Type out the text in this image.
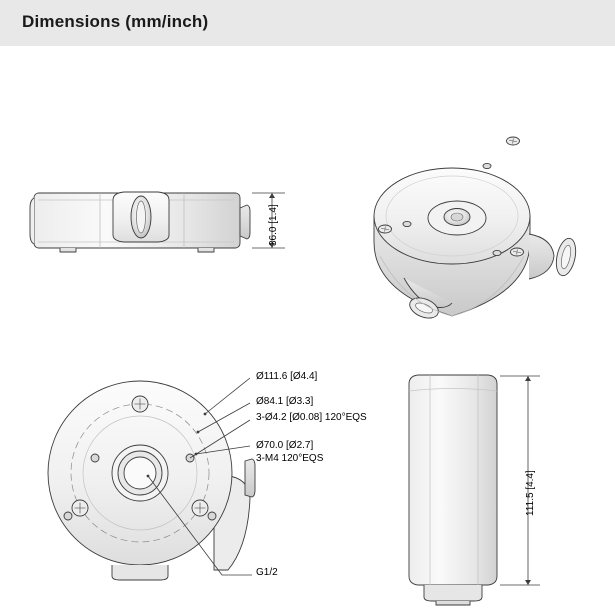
Dimensions (mm/inch)
36.0 [1.4]
111.5 [4.4]
Ø111.6 [Ø4.4]
Ø84.1 [Ø3.3]
3-Ø4.2 [Ø0.08] 120°EQS
Ø70.0 [Ø2.7]
3-M4 120°EQS
G1/2
